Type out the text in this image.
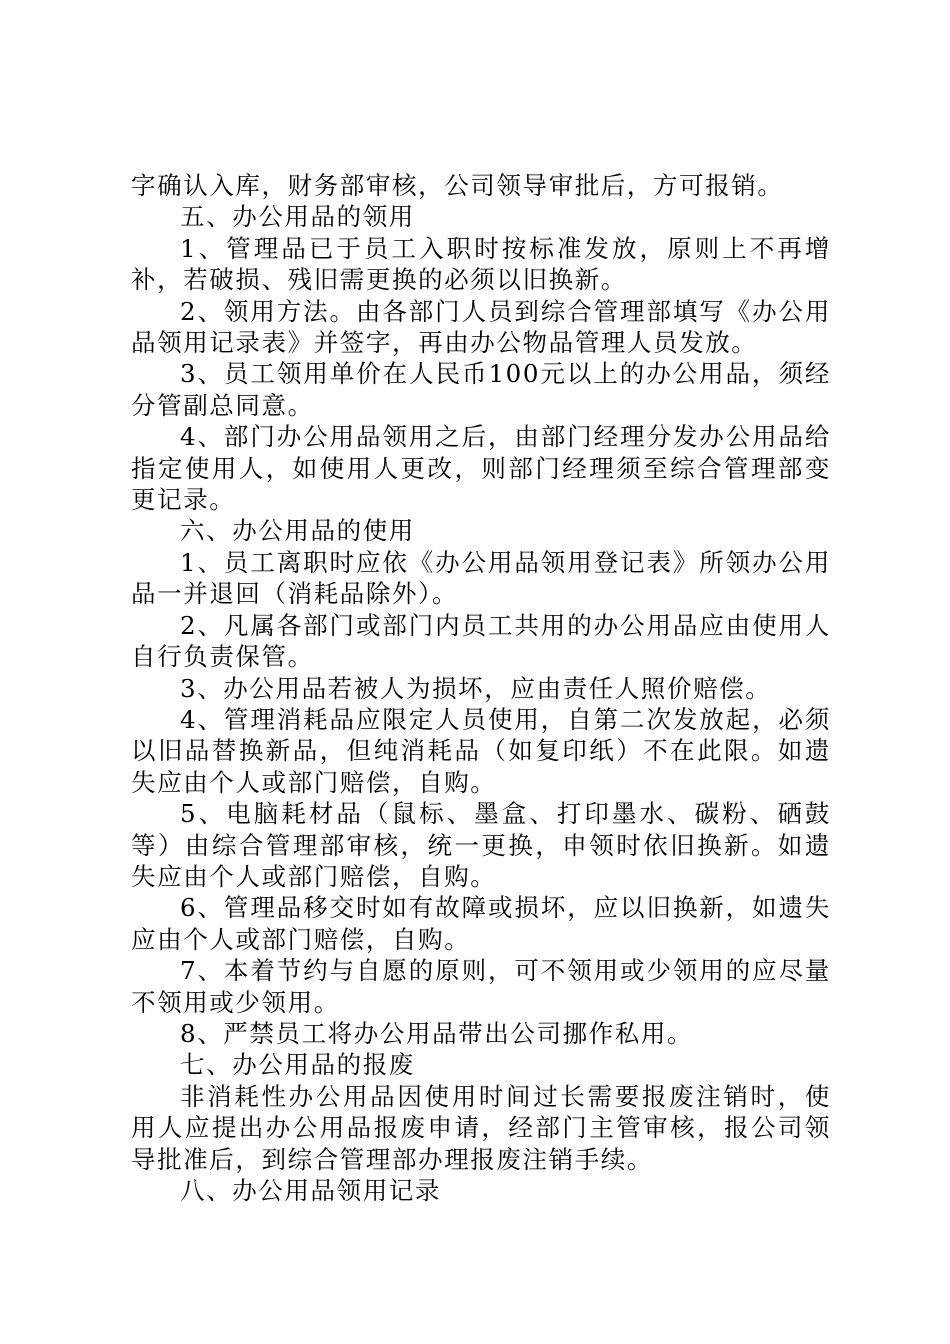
字确认入库，财务部审核，公司领导审批后，方可报销。

五、办公用品的领用

1、管理品已于员工入职时按标准发放，原则上不再增补，若破损、残旧需更换的必须以旧换新。

2、领用方法。由各部门人员到综合管理部填写《办公用品领用记录表》并签字，再由办公物品管理人员发放。

3、员工领用单价在人民币100元以上的办公用品，须经分管副总同意。

4、部门办公用品领用之后，由部门经理分发办公用品给指定使用人，如使用人更改，则部门经理须至综合管理部变更记录。

六、办公用品的使用

1、员工离职时应依《办公用品领用登记表》所领办公用品一并退回（消耗品除外）。

2、凡属各部门或部门内员工共用的办公用品应由使用人自行负责保管。

3、办公用品若被人为损坏，应由责任人照价赔偿。

4、管理消耗品应限定人员使用，自第二次发放起，必须以旧品替换新品，但纯消耗品（如复印纸）不在此限。如遗失应由个人或部门赔偿，自购。

5、电脑耗材品（鼠标、墨盒、打印墨水、碳粉、硒鼓等）由综合管理部审核，统一更换，申领时依旧换新。如遗失应由个人或部门赔偿，自购。

6、管理品移交时如有故障或损坏，应以旧换新，如遗失应由个人或部门赔偿，自购。

7、本着节约与自愿的原则，可不领用或少领用的应尽量不领用或少领用。

8、严禁员工将办公用品带出公司挪作私用。

七、办公用品的报废

非消耗性办公用品因使用时间过长需要报废注销时，使用人应提出办公用品报废申请，经部门主管审核，报公司领导批准后，到综合管理部办理报废注销手续。

八、办公用品领用记录
